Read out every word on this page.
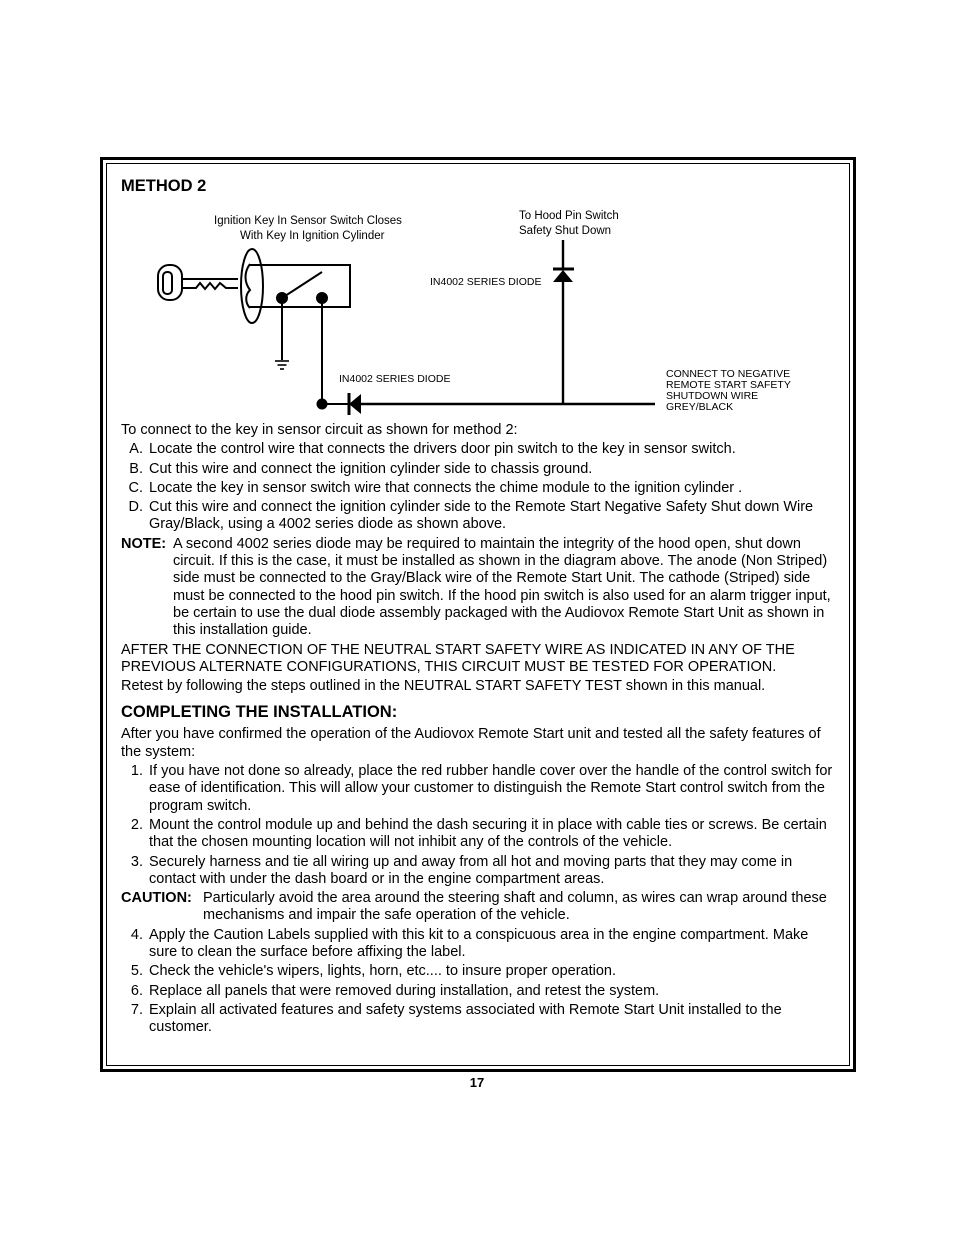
Ignition Key In Sensor Switch Closes
With Key In Ignition Cylinder
To Hood Pin Switch
Safety Shut Down
IN4002 SERIES DIODE
IN4002 SERIES DIODE	CONNECT TO NEGATIVE
REMOTE START SAFETY
SHUTDOWN WIRE
GREY/BLACK
METHOD 2

To connect to the key in sensor circuit as shown for method 2:

A. Locate the control wire that connects the drivers door pin switch to the key in sensor switch.
B. Cut this wire and connect the ignition cylinder side to chassis ground.
C. Locate the key in sensor switch wire that connects the chime module to the ignition cylinder .
D. Cut this wire and connect the ignition cylinder side to the Remote Start Negative Safety Shut down Wire Gray/Black, using a 4002 series diode as shown above.
NOTE: A second 4002 series diode may be required to maintain the integrity of the hood open, shut down circuit. If this is the case, it must be installed as shown in the diagram above. The anode (Non Striped) side must be connected to the Gray/Black wire of the Remote Start Unit. The cathode (Striped) side must be connected to the hood pin switch. If the hood pin switch is also used for an alarm trigger input, be certain to use the dual diode assembly packaged with the Audiovox Remote Start Unit as shown in this installation guide.

AFTER THE CONNECTION OF THE NEUTRAL START SAFETY WIRE AS INDICATED IN ANY OF THE PREVIOUS ALTERNATE CONFIGURATIONS, THIS CIRCUIT MUST BE TESTED FOR OPERATION.

Retest by following the steps outlined in the NEUTRAL START SAFETY TEST shown in this manual.

COMPLETING THE INSTALLATION:

After you have confirmed the operation of the Audiovox Remote Start unit and tested all the safety features of the system:

1. If you have not done so already, place the red rubber handle cover over the handle of the control switch for ease of identification. This will allow your customer to distinguish the Remote Start control switch from the program switch.
2. Mount the control module up and behind the dash securing it in place with cable ties or screws. Be certain that the chosen mounting location will not inhibit any of the controls of the vehicle.
3. Securely harness and tie all wiring up and away from all hot and moving parts that they may come in contact with under the dash board or in the engine compartment areas.
CAUTION: Particularly avoid the area around the steering shaft and column, as wires can wrap around these mechanisms and impair the safe operation of the vehicle.
4. Apply the Caution Labels supplied with this kit to a conspicuous area in the engine compartment. Make sure to clean the surface before affixing the label.
5. Check the vehicle's wipers, lights, horn, etc.... to insure proper operation.
6. Replace all panels that were removed during installation, and retest the system.
7. Explain all activated features and safety systems associated with Remote Start Unit installed to the customer.
17
